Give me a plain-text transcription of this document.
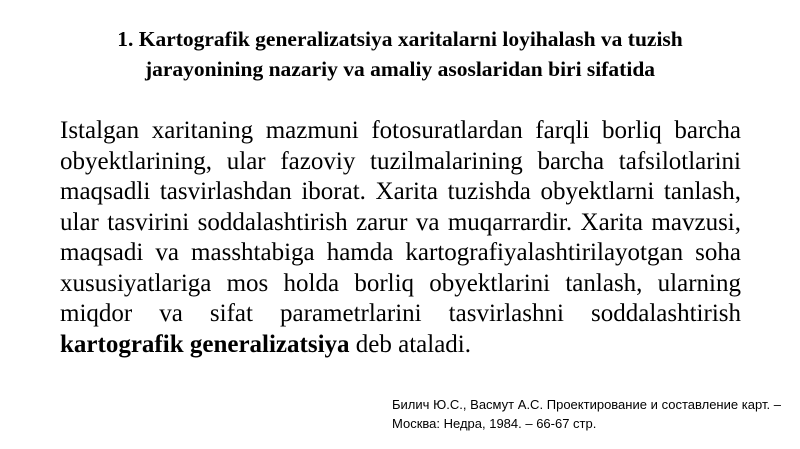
1. Kartografik generalizatsiya xaritalarni loyihalash va tuzish
jarayonining nazariy va amaliy asoslaridan biri sifatida

Istalgan xaritaning mazmuni fotosuratlardan farqli borliq barcha obyektlarining, ular fazoviy tuzilmalarining barcha tafsilotlarini maqsadli tasvirlashdan iborat. Xarita tuzishda obyektlarni tanlash, ular tasvirini soddalashtirish zarur va muqarrardir. Xarita mavzusi, maqsadi va masshtabiga hamda kartografiyalashtirilayotgan soha xususiyatlariga mos holda borliq obyektlarini tanlash, ularning miqdor va sifat parametrlarini tasvirlashni soddalashtirish kartografik generalizatsiya deb ataladi.

Билич Ю.С., Васмут А.С. Проектирование и составление карт. – Москва: Недра, 1984. – 66-67 стр.
